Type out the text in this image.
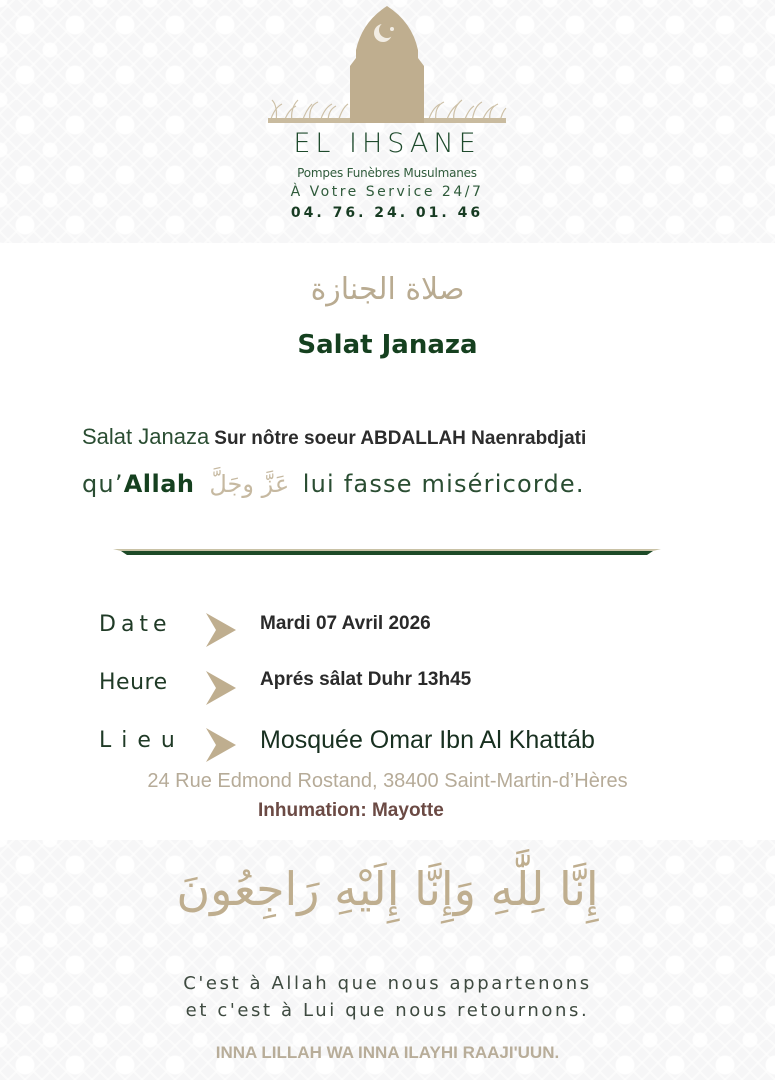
EL IHSANE
Pompes Funèbres Musulmanes
À Votre Service 24/7
04. 76. 24. 01. 46
صلاة الجنازة
Salat Janaza
Salat Janaza Sur nôtre soeur ABDALLAH Naenrabdjati
qu’Allah عَزَّ وجَلَّ lui fasse miséricorde.
Date	Mardi 07 Avril 2026
Heure	Aprés sâlat Duhr 13h45
Lieu	Mosquée Omar Ibn Al Khattáb
24 Rue Edmond Rostand, 38400 Saint-Martin-d’Hères
Inhumation: Mayotte
إِنَّا لِلَّٰهِ وَإِنَّا إِلَيْهِ رَاجِعُونَ
C'est à Allah que nous appartenons
et c'est à Lui que nous retournons.
INNA LILLAH WA INNA ILAYHI RAAJI'UUN.
